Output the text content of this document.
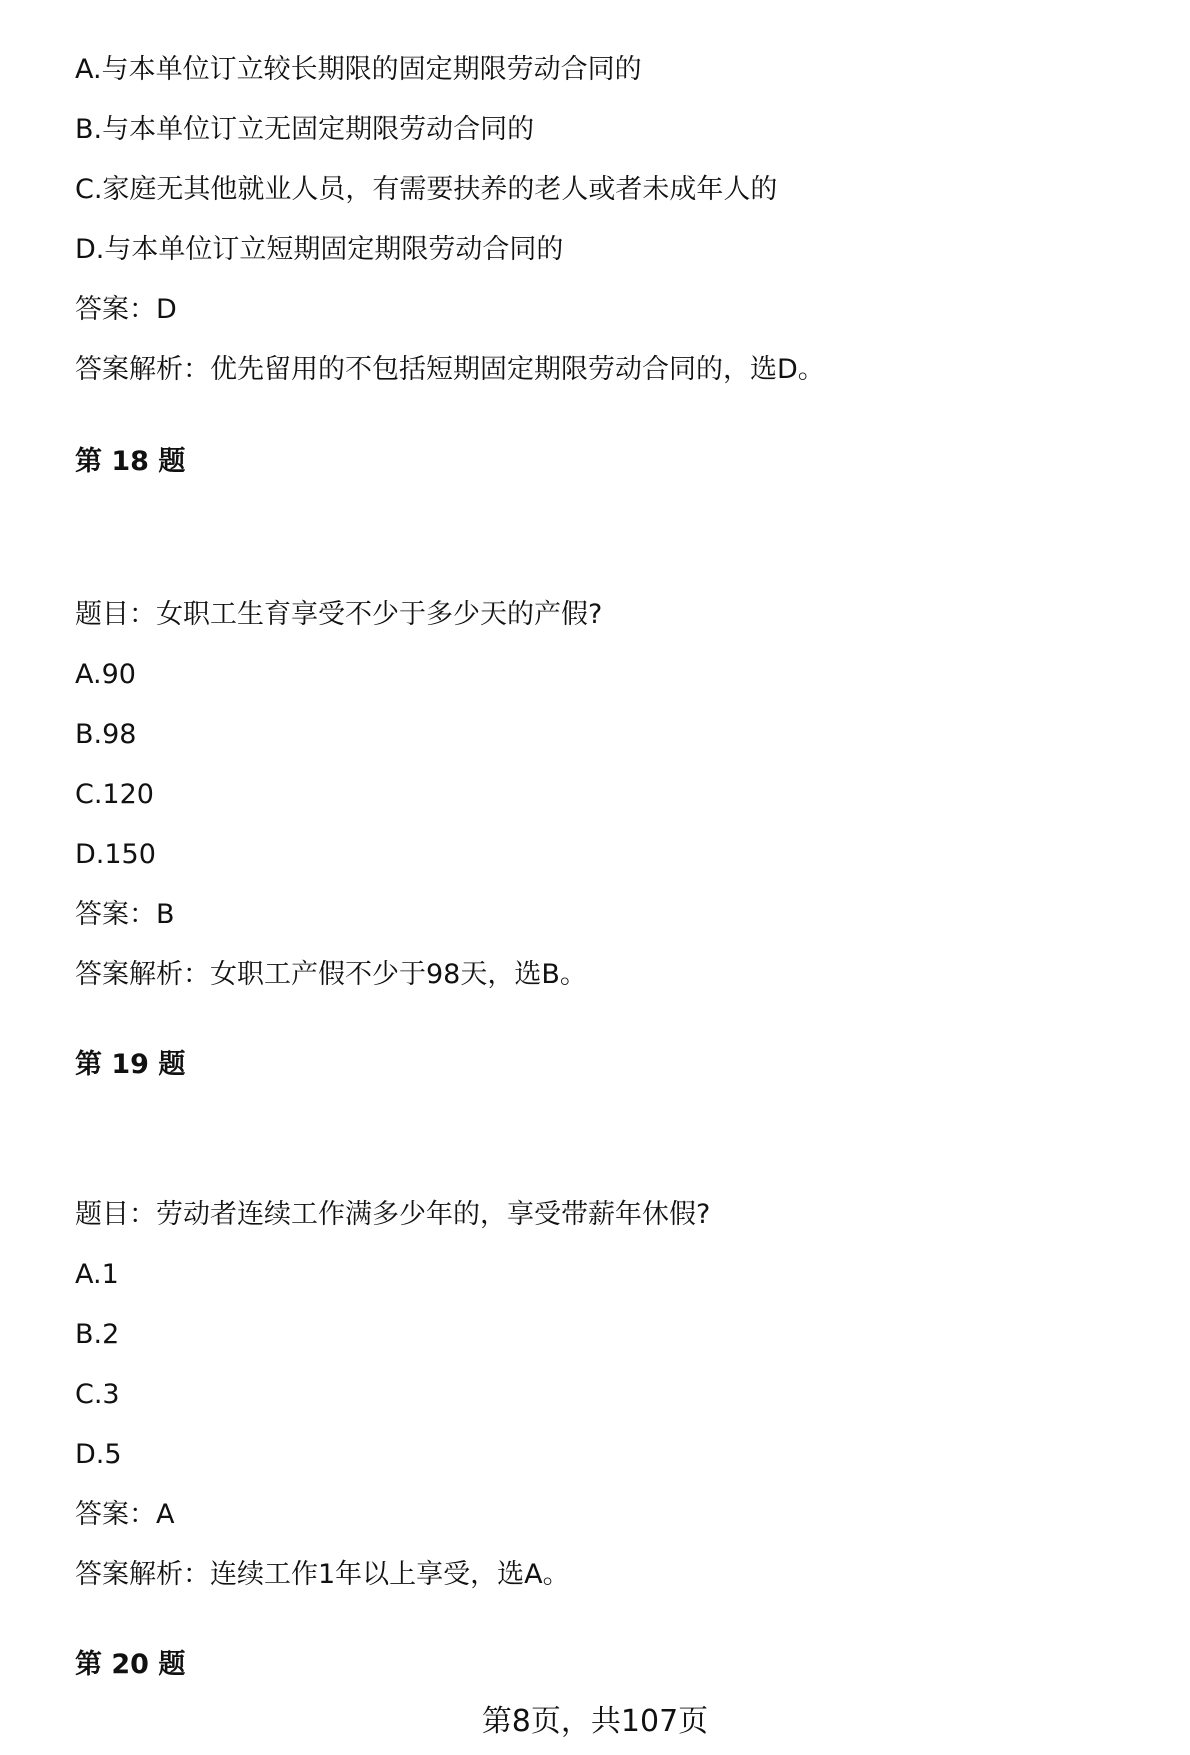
A.与本单位订立较长期限的固定期限劳动合同的
B.与本单位订立无固定期限劳动合同的
C.家庭无其他就业人员，有需要扶养的老人或者未成年人的
D.与本单位订立短期固定期限劳动合同的
答案：D
答案解析：优先留用的不包括短期固定期限劳动合同的，选D。
第 18 题
题目：女职工生育享受不少于多少天的产假?
A.90
B.98
C.120
D.150
答案：B
答案解析：女职工产假不少于98天，选B。
第 19 题
题目：劳动者连续工作满多少年的，享受带薪年休假?
A.1
B.2
C.3
D.5
答案：A
答案解析：连续工作1年以上享受，选A。
第 20 题
第8页，共107页
